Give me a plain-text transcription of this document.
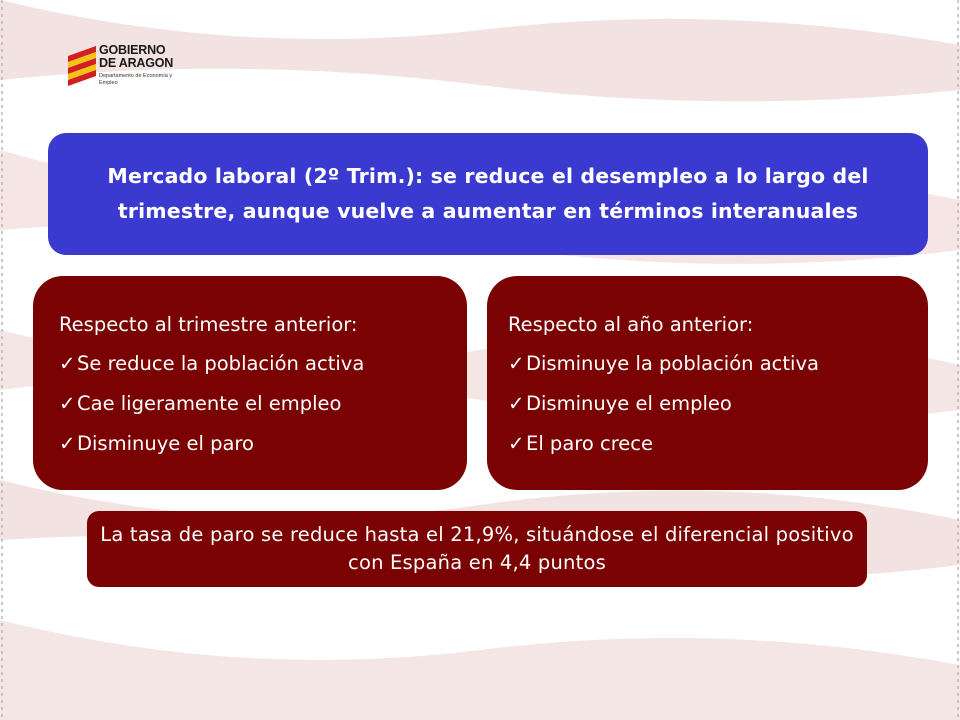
GOBIERNO
DE ARAGON
Departamento de Economía y Empleo
Mercado laboral (2º Trim.): se reduce el desempleo a lo largo del trimestre, aunque vuelve a aumentar en términos interanuales
Respecto al trimestre anterior:
✓Se reduce la población activa
✓Cae ligeramente el empleo
✓Disminuye el paro
Respecto al año anterior:
✓Disminuye la población activa
✓Disminuye el empleo
✓El paro crece
La tasa de paro se reduce hasta el 21,9%, situándose el diferencial positivo con España en 4,4 puntos
